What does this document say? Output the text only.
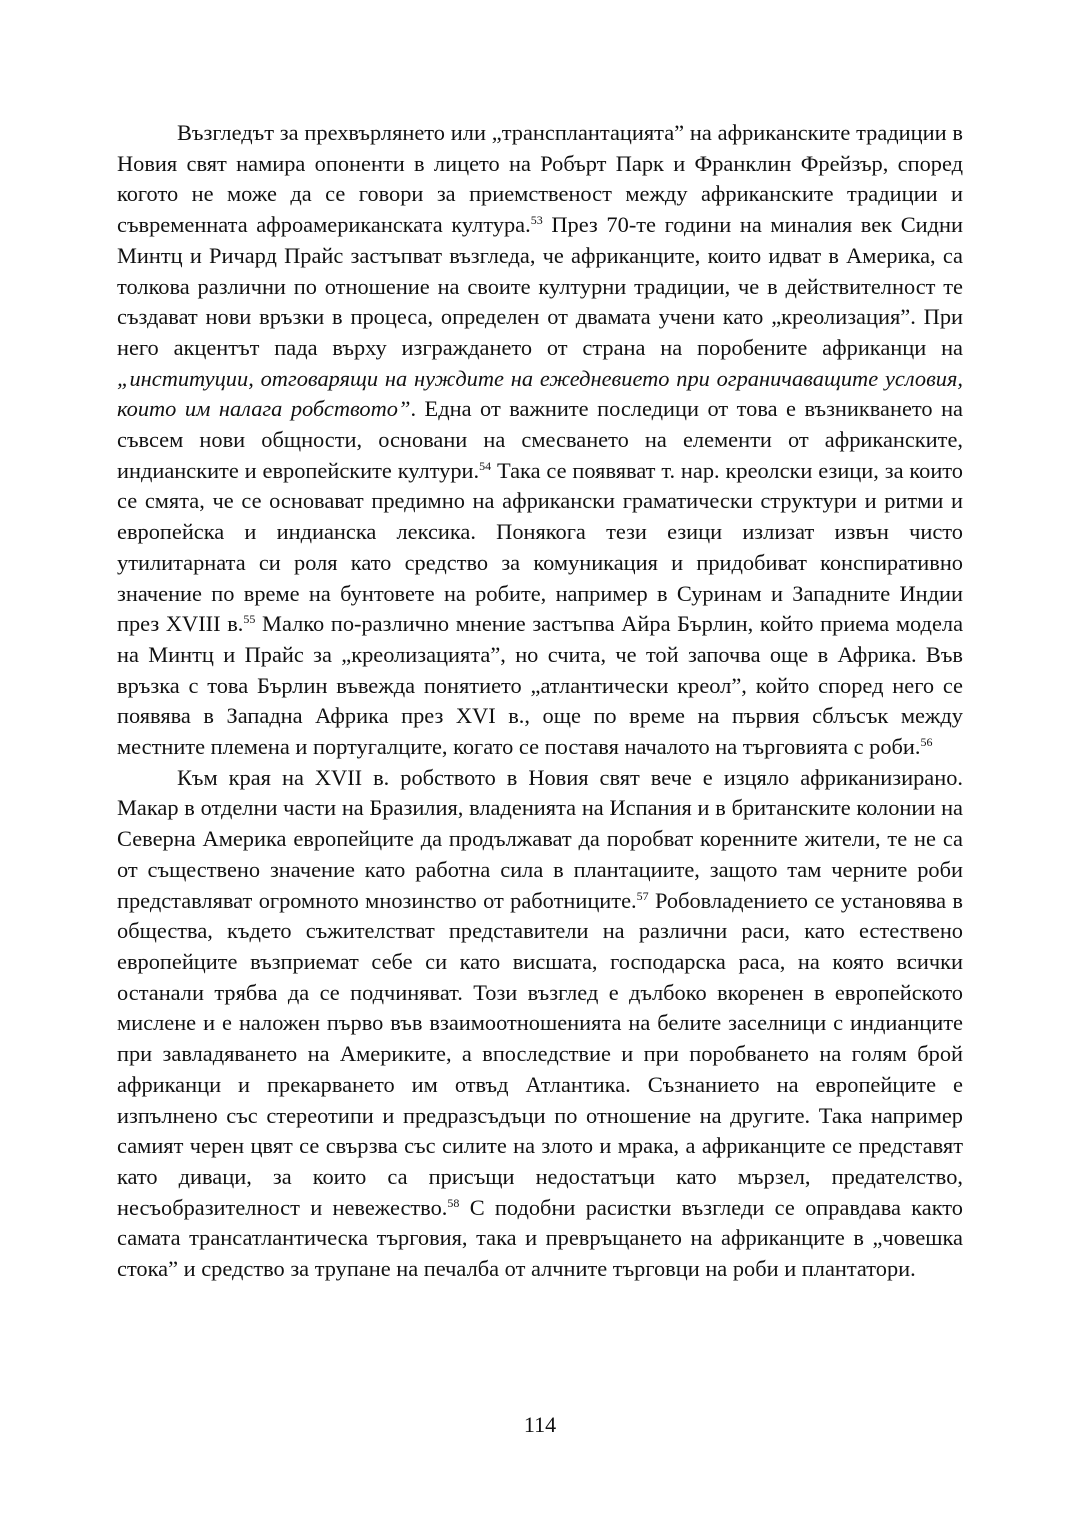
Възгледът за прехвърлянето или „трансплантацията” на африканските традиции в Новия свят намира опоненти в лицето на Робърт Парк и Франклин Фрейзър, според когото не може да се говори за приемственост между африканските традиции и съвременната афроамериканската култура.$^{53}$ През 70-те години на миналия век Сидни Минтц и Ричард Прайс застъпват възгледа, че африканците, които идват в Америка, са толкова различни по отношение на своите културни традиции, че в действителност те създават нови връзки в процеса, определен от двамата учени като „креолизация”. При него акцентът пада върху изграждането от страна на поробените африканци на „институции, отговарящи на нуждите на ежедневието при ограничаващите условия, които им налага робството”. Една от важните последици от това е възникването на съвсем нови общности, основани на смесването на елементи от африканските, индианските и европейските култури.$^{54}$ Така се появяват т. нар. креолски езици, за които се смята, че се основават предимно на африкански граматически структури и ритми и европейска и индианска лексика. Понякога тези езици излизат извън чисто утилитарната си роля като средство за комуникация и придобиват конспиративно значение по време на бунтовете на робите, например в Суринам и Западните Индии през XVIII в.$^{55}$ Малко по-различно мнение застъпва Айра Бърлин, който приема модела на Минтц и Прайс за „креолизацията”, но счита, че той започва още в Африка. Във връзка с това Бърлин въвежда понятието „атлантически креол”, който според него се появява в Западна Африка през XVI в., още по време на първия сблъсък между местните племена и португалците, когато се поставя началото на търговията с роби.$^{56}$

Към края на XVII в. робството в Новия свят вече е изцяло африканизирано. Макар в отделни части на Бразилия, владенията на Испания и в британските колонии на Северна Америка европейците да продължават да поробват коренните жители, те не са от съществено значение като работна сила в плантациите, защото там черните роби представляват огромното мнозинство от работниците.$^{57}$ Робовладението се установява в общества, където съжителстват представители на различни раси, като естествено европейците възприемат себе си като висшата, господарска раса, на която всички останали трябва да се подчиняват. Този възглед е дълбоко вкоренен в европейското мислене и е наложен първо във взаимоотношенията на белите заселници с индианците при завладяването на Америките, а впоследствие и при поробването на голям брой африканци и прекарването им отвъд Атлантика. Съзнанието на европейците е изпълнено със стереотипи и предразсъдъци по отношение на другите. Така например самият черен цвят се свързва със силите на злото и мрака, а африканците се представят като диваци, за които са присъщи недостатъци като мързел, предателство, несъобразителност и невежество.$^{58}$ С подобни расистки възгледи се оправдава както самата трансатлантическа търговия, така и превръщането на африканците в „човешка стока” и средство за трупане на печалба от алчните търговци на роби и плантатори.

114
